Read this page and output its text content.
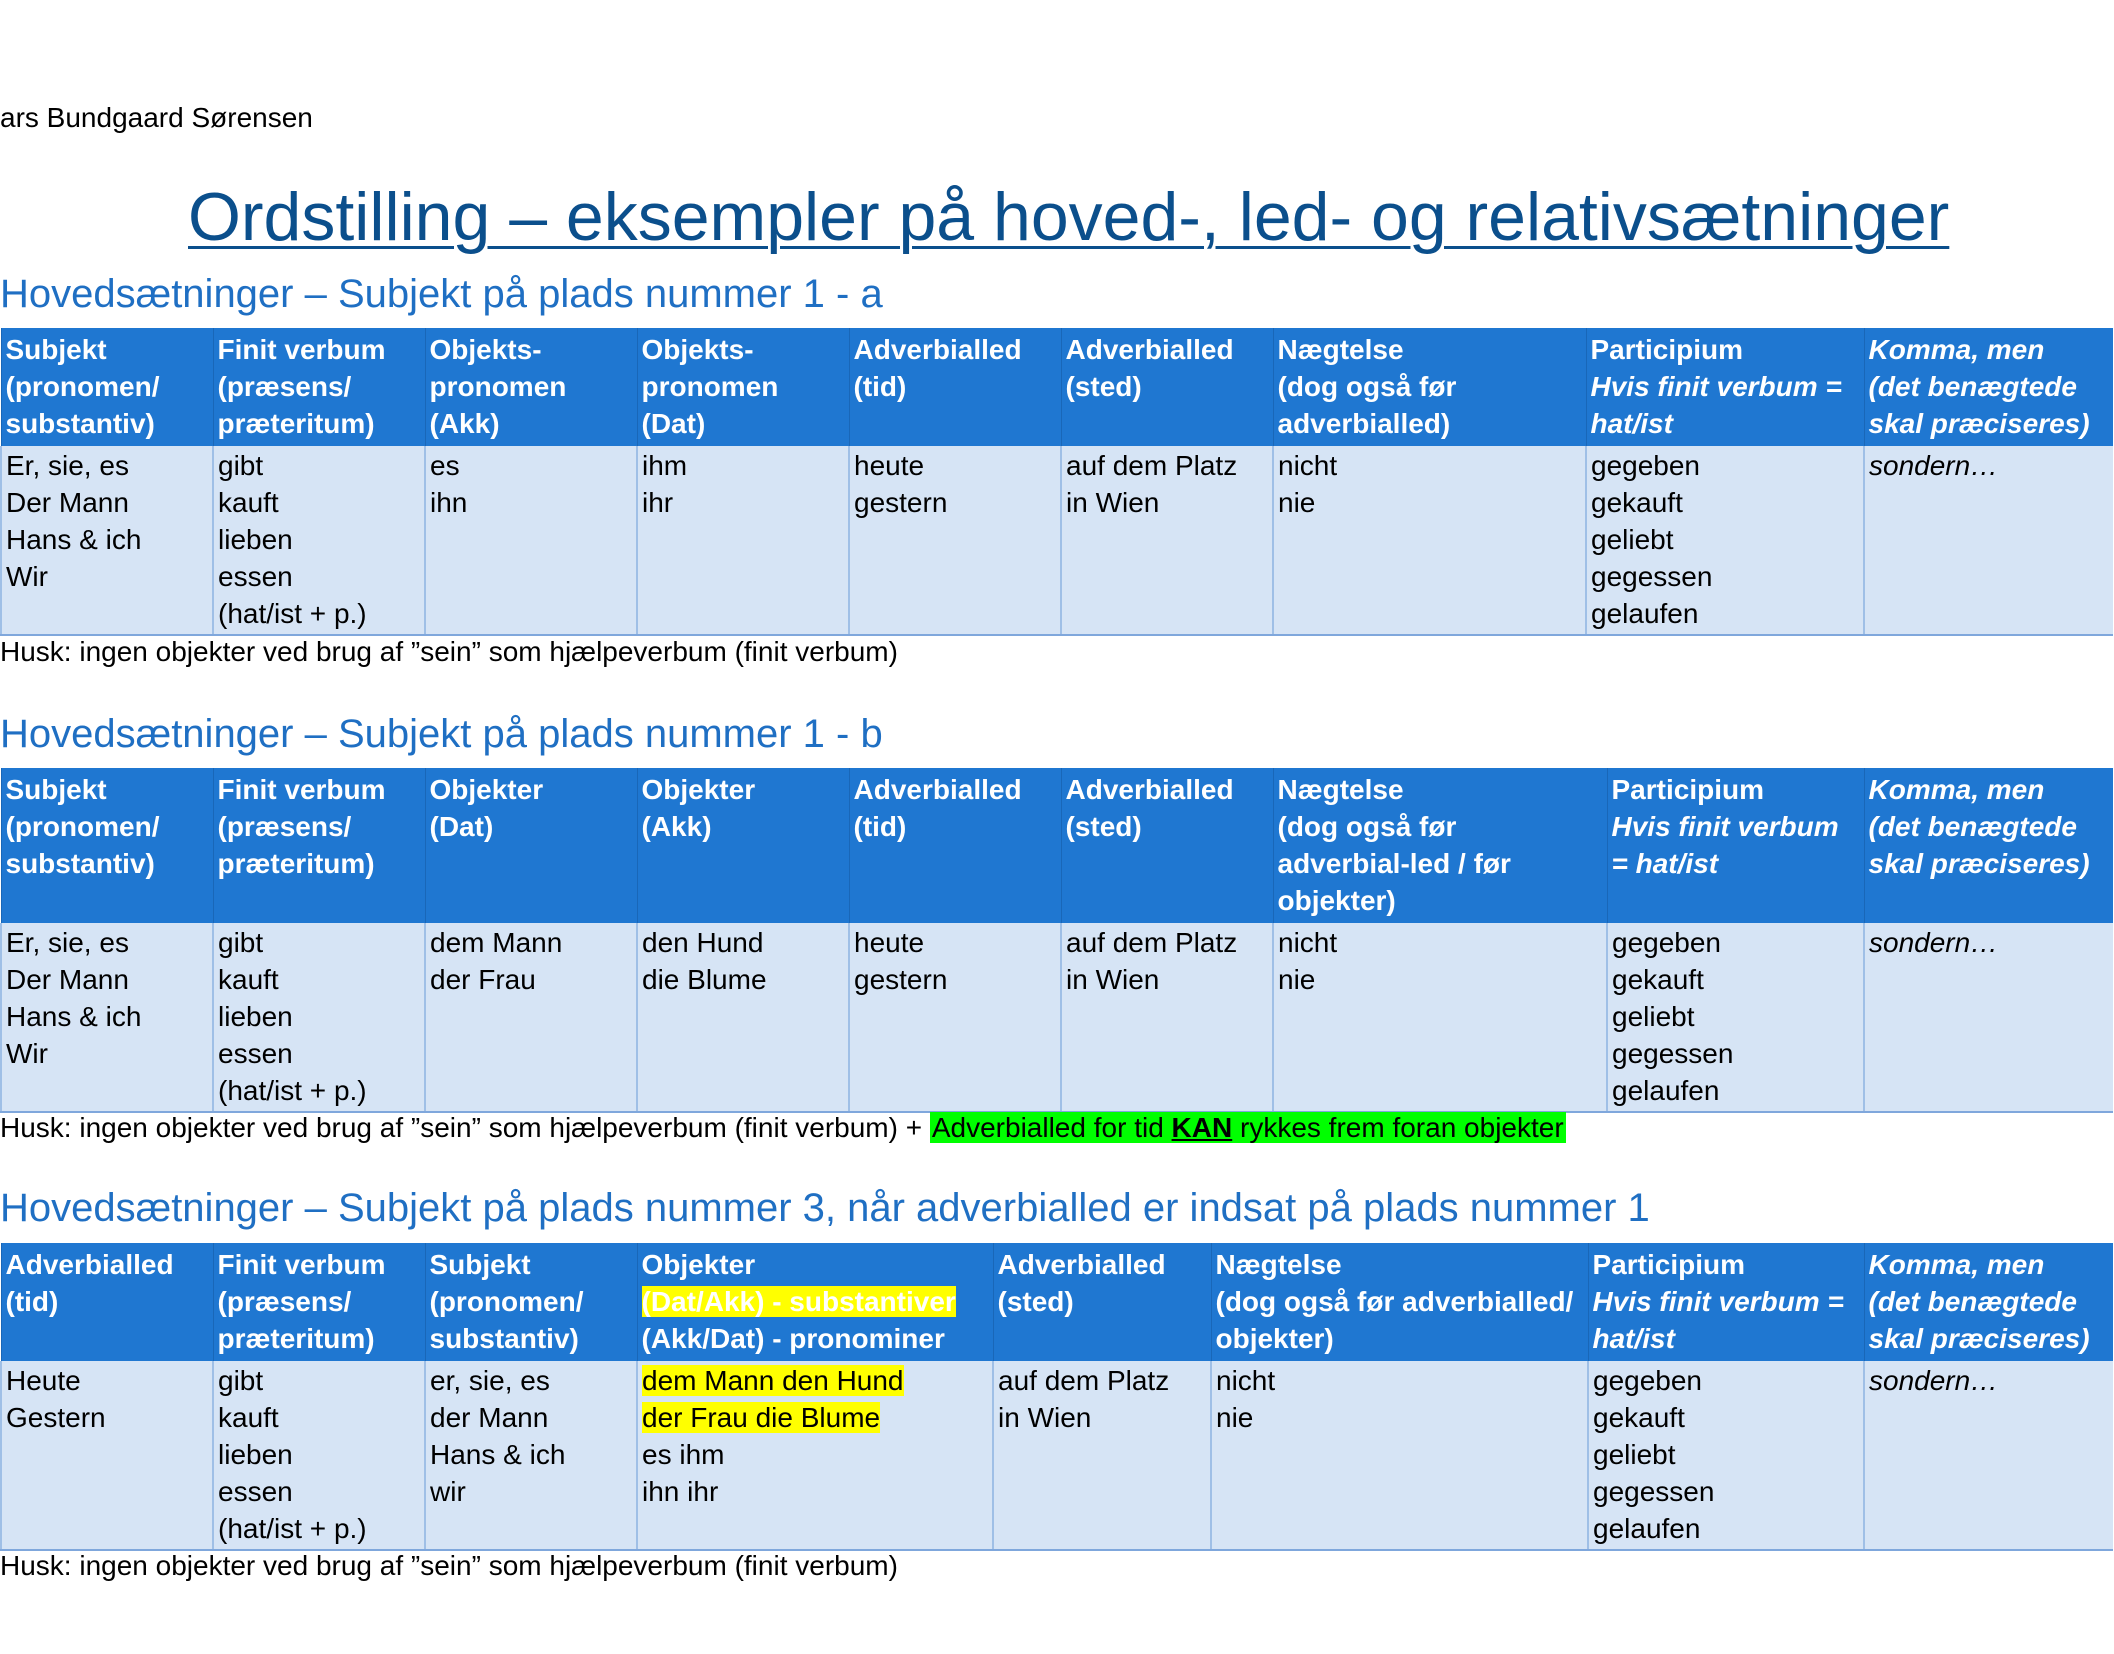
ars Bundgaard Sørensen
Ordstilling – eksempler på hoved-, led- og relativsætninger
Hovedsætninger – Subjekt på plads nummer 1 - a
Subjekt
(pronomen/
substantiv)	Finit verbum
(præsens/
præteritum)	Objekts-
pronomen
(Akk)	Objekts-
pronomen
(Dat)	Adverbialled
(tid)	Adverbialled
(sted)	Nægtelse
(dog også før
adverbialled)	Participium
Hvis finit verbum =
hat/ist	Komma, men
(det benægtede
skal præciseres)

Er, sie, es
Der Mann
Hans & ich
Wir	gibt
kauft
lieben
essen
(hat/ist + p.)	es
ihn	ihm
ihr	heute
gestern	auf dem Platz
in Wien	nicht
nie	gegeben
gekauft
geliebt
gegessen
gelaufen	sondern…
Husk: ingen objekter ved brug af ”sein” som hjælpeverbum (finit verbum)
Hovedsætninger – Subjekt på plads nummer 1 - b
Subjekt
(pronomen/
substantiv)	Finit verbum
(præsens/
præteritum)	Objekter
(Dat)	Objekter
(Akk)	Adverbialled
(tid)	Adverbialled
(sted)	Nægtelse
(dog også før
adverbial-led / før
objekter)	Participium
Hvis finit verbum
= hat/ist	Komma, men
(det benægtede
skal præciseres)

Er, sie, es
Der Mann
Hans & ich
Wir	gibt
kauft
lieben
essen
(hat/ist + p.)	dem Mann
der Frau	den Hund
die Blume	heute
gestern	auf dem Platz
in Wien	nicht
nie	gegeben
gekauft
geliebt
gegessen
gelaufen	sondern…
Husk: ingen objekter ved brug af ”sein” som hjælpeverbum (finit verbum) + Adverbialled for tid KAN rykkes frem foran objekter
Hovedsætninger – Subjekt på plads nummer 3, når adverbialled er indsat på plads nummer 1
Adverbialled
(tid)	Finit verbum
(præsens/
præteritum)	Subjekt
(pronomen/
substantiv)	Objekter
(Dat/Akk) - substantiver
(Akk/Dat) - pronominer	Adverbialled
(sted)	Nægtelse
(dog også før adverbialled/
objekter)	Participium
Hvis finit verbum =
hat/ist	Komma, men
(det benægtede
skal præciseres)

Heute
Gestern	gibt
kauft
lieben
essen
(hat/ist + p.)	er, sie, es
der Mann
Hans & ich
wir	dem Mann den Hund
der Frau die Blume
es ihm
ihn ihr	auf dem Platz
in Wien	nicht
nie	gegeben
gekauft
geliebt
gegessen
gelaufen	sondern…
Husk: ingen objekter ved brug af ”sein” som hjælpeverbum (finit verbum)
